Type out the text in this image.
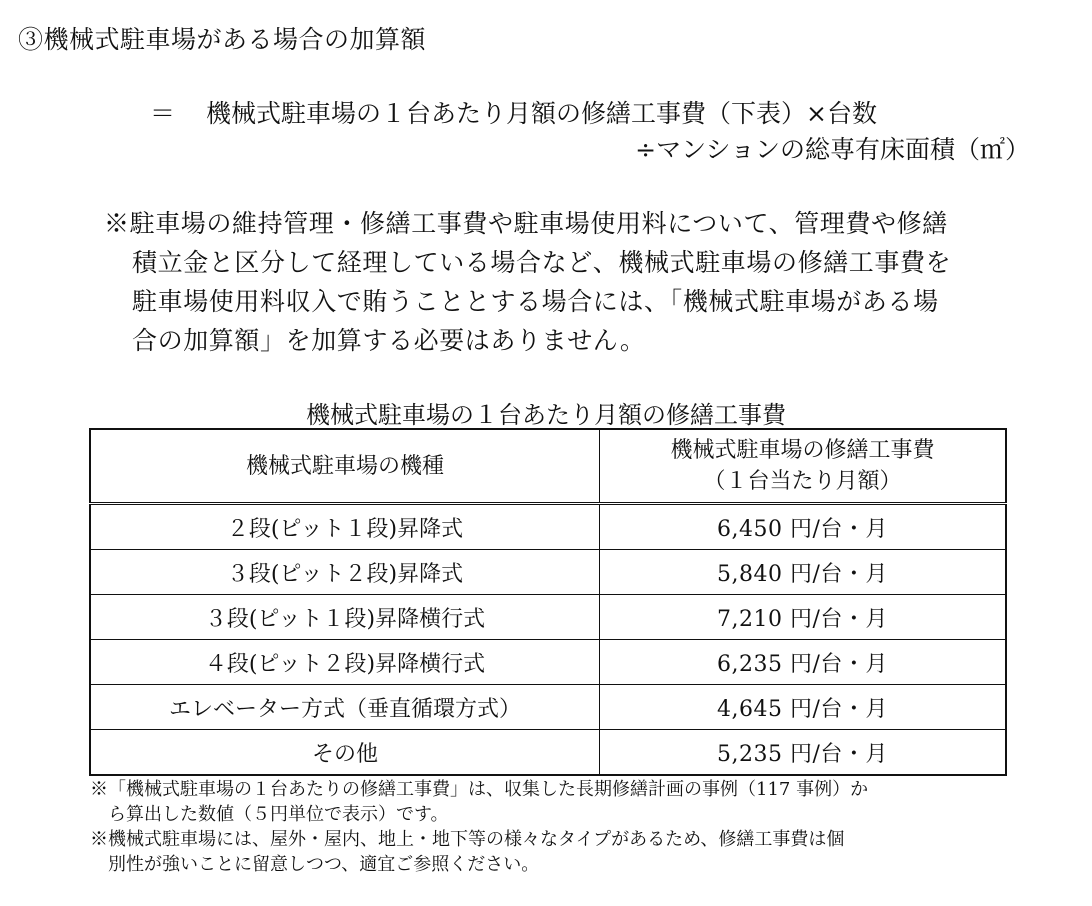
③機械式駐車場がある場合の加算額
＝ 機械式駐車場の１台あたり月額の修繕工事費（下表）×台数
÷マンションの総専有床面積（㎡）
※駐車場の維持管理・修繕工事費や駐車場使用料について、管理費や修繕
積立金と区分して経理している場合など、機械式駐車場の修繕工事費を
駐車場使用料収入で賄うこととする場合には、「機械式駐車場がある場
合の加算額」を加算する必要はありません。
機械式駐車場の１台あたり月額の修繕工事費
機械式駐車場の機種	機械式駐車場の修繕工事費
（１台当たり月額）

２段(ピット１段)昇降式	6,450 円/台・月
３段(ピット２段)昇降式	5,840 円/台・月
３段(ピット１段)昇降横行式	7,210 円/台・月
４段(ピット２段)昇降横行式	6,235 円/台・月
エレベーター方式（垂直循環方式）	4,645 円/台・月
その他	5,235 円/台・月
※「機械式駐車場の１台あたりの修繕工事費」は、収集した長期修繕計画の事例（117 事例）か
ら算出した数値（５円単位で表示）です。
※機械式駐車場には、屋外・屋内、地上・地下等の様々なタイプがあるため、修繕工事費は個
別性が強いことに留意しつつ、適宜ご参照ください。
